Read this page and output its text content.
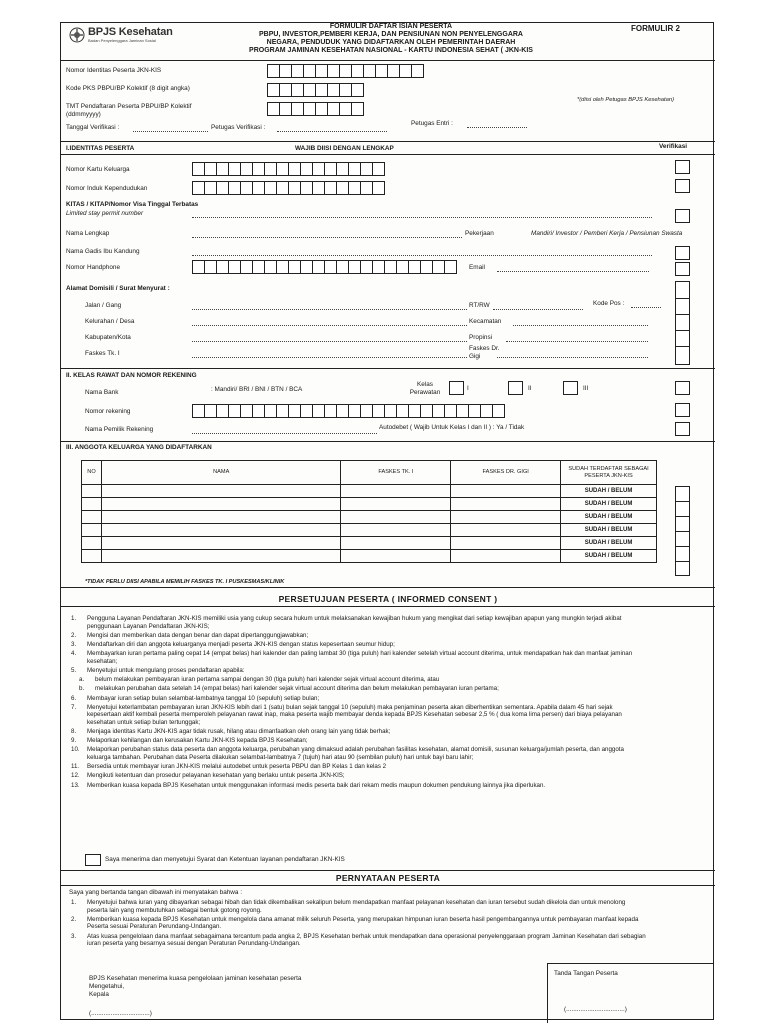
BPJS Kesehatan
Badan Penyelenggara Jaminan Sosial
FORMULIR DAFTAR ISIAN PESERTA
PBPU, INVESTOR,PEMBERI KERJA, DAN PENSIUNAN NON PENYELENGGARA
NEGARA, PENDUDUK YANG DIDAFTARKAN OLEH PEMERINTAH DAERAH
PROGRAM JAMINAN KESEHATAN NASIONAL - KARTU INDONESIA SEHAT ( JKN-KIS
FORMULIR 2
Nomor Identitas Peserta JKN-KIS
Kode PKS PBPU/BP Kolektif (8 digit angka)
TMT Pendaftaran Peserta PBPU/BP Kolektif
(ddmmyyyy)
Tanggal Verifikasi :	Petugas Verifikasi :
Petugas Entri :
*(diisi oleh Petugas BPJS Kesehatan)
I.IDENTITAS PESERTA	WAJIB DIISI DENGAN LENGKAP	Verifikasi
Nomor Kartu Keluarga
Nomor Induk Kependudukan
KITAS / KITAP/Nomor Visa Tinggal Terbatas
Limited stay permit number
Nama Lengkap	Pekerjaan	Mandiri/ Investor / Pemberi Kerja / Pensiunan Swasta
Nama Gadis Ibu Kandung
Nomor Handphone	Email
Alamat Domisili / Surat Menyurat :
Jalan / Gang	RT/RW	Kode Pos :
Kelurahan / Desa	Kecamatan
Kabupaten/Kota	Propinsi
Faskes Tk. I
Faskes Dr.
Gigi
II. KELAS RAWAT DAN NOMOR REKENING
Nama Bank	: Mandiri/ BRI / BNI / BTN / BCA
Kelas
Perawatan
I	II	III
Nomor rekening
Nama Pemilik Rekening	Autodebet ( Wajib Untuk Kelas I dan II ) : Ya / Tidak
III. ANGGOTA KELUARGA YANG DIDAFTARKAN
NO	NAMA	FASKES TK. I	FASKES DR. GIGI	SUDAH TERDAFTAR SEBAGAI PESERTA JKN-KIS
				SUDAH / BELUM
				SUDAH / BELUM
				SUDAH / BELUM
				SUDAH / BELUM
				SUDAH / BELUM
				SUDAH / BELUM
*TIDAK PERLU DIISI APABILA MEMILIH FASKES TK. I PUSKESMAS/KLINIK
PERSETUJUAN PESERTA ( INFORMED CONSENT )
1.	Pengguna Layanan Pendaftaran JKN-KIS memiliki usia yang cukup secara hukum untuk melaksanakan kewajiban hukum yang mengikat dari setiap kewajiban apapun yang mungkin terjadi akibat penggunaan Layanan Pendaftaran JKN-KIS;
2.	Mengisi dan memberikan data dengan benar dan dapat dipertanggungjawabkan;
3.	Mendaftarkan diri dan anggota keluarganya menjadi peserta JKN-KIS dengan status kepesertaan seumur hidup;
4.	Membayarkan iuran pertama paling cepat 14 (empat belas) hari kalender dan paling lambat 30 (tiga puluh) hari kalender setelah virtual account diterima, untuk mendapatkan hak dan manfaat jaminan kesehatan;
5.	Menyetujui untuk mengulang proses pendaftaran apabila:
a.	belum melakukan pembayaran iuran pertama sampai dengan 30 (tiga puluh) hari kalender sejak virtual account diterima, atau
b.	melakukan perubahan data setelah 14 (empat belas) hari kalender sejak virtual account diterima dan belum melakukan pembayaran iuran pertama;
6.	Membayar iuran setiap bulan selambat-lambatnya tanggal 10 (sepuluh) setiap bulan;
7.	Menyetujui keterlambatan pembayaran iuran JKN-KIS lebih dari 1 (satu) bulan sejak tanggal 10 (sepuluh) maka penjaminan peserta akan diberhentikan sementara. Apabila dalam 45 hari sejak kepesertaan aktif kembali peserta memperoleh pelayanan rawat inap, maka peserta wajib membayar denda kepada BPJS Kesehatan sebesar 2,5 % ( dua koma lima persen) dari biaya pelayanan kesehatan untuk setiap bulan tertunggak;
8.	Menjaga identitas Kartu JKN-KIS agar tidak rusak, hilang atau dimanfaatkan oleh orang lain yang tidak berhak;
9.	Melaporkan kehilangan dan kerusakan Kartu JKN-KIS kepada BPJS Kesehatan;
10.	Melaporkan perubahan status data peserta dan anggota keluarga, perubahan yang dimaksud adalah perubahan fasilitas kesehatan, alamat domisili, susunan keluarga/jumlah peserta, dan anggota keluarga tambahan. Perubahan data Peserta dilakukan selambat-lambatnya 7 (tujuh) hari atau 90 (sembilan puluh) hari untuk bayi baru lahir;
11.	Bersedia untuk membayar iuran JKN-KIS melalui autodebet untuk peserta PBPU dan BP Kelas 1 dan kelas 2
12.	Mengikuti ketentuan dan prosedur pelayanan kesehatan yang berlaku untuk peserta JKN-KIS;
13.	Memberikan kuasa kepada BPJS Kesehatan untuk menggunakan informasi medis peserta baik dari rekam medis maupun dokumen pendukung lainnya jika diperlukan.
Saya menerima dan menyetujui Syarat dan Ketentuan layanan pendaftaran JKN-KIS
PERNYATAAN PESERTA
Saya yang bertanda tangan dibawah ini menyatakan bahwa :
1.	Menyetujui bahwa iuran yang dibayarkan sebagai hibah dan tidak dikembalikan sekalipun belum mendapatkan manfaat pelayanan kesehatan dan iuran tersebut sudah dikelola dan untuk menolong peserta lain yang membutuhkan sebagai bentuk gotong royong.
2.	Memberikan kuasa kepada BPJS Kesehatan untuk mengelola dana amanat milik seluruh Peserta, yang merupakan himpunan iuran beserta hasil pengembangannya untuk pembayaran manfaat kepada Peserta sesuai Peraturan Perundang-Undangan.
3.	Atas kuasa pengelolaan dana manfaat sebagaimana tercantum pada angka 2, BPJS Kesehatan berhak untuk mendapatkan dana operasional penyelenggaraan program Jaminan Kesehatan dari sebagian iuran peserta yang besarnya sesuai dengan Peraturan Perundang-Undangan.
BPJS Kesehatan menerima kuasa pengelolaan jaminan kesehatan peserta
Mengetahui,
Kepala
(.................................)
Tanda Tangan Peserta
(.................................)
